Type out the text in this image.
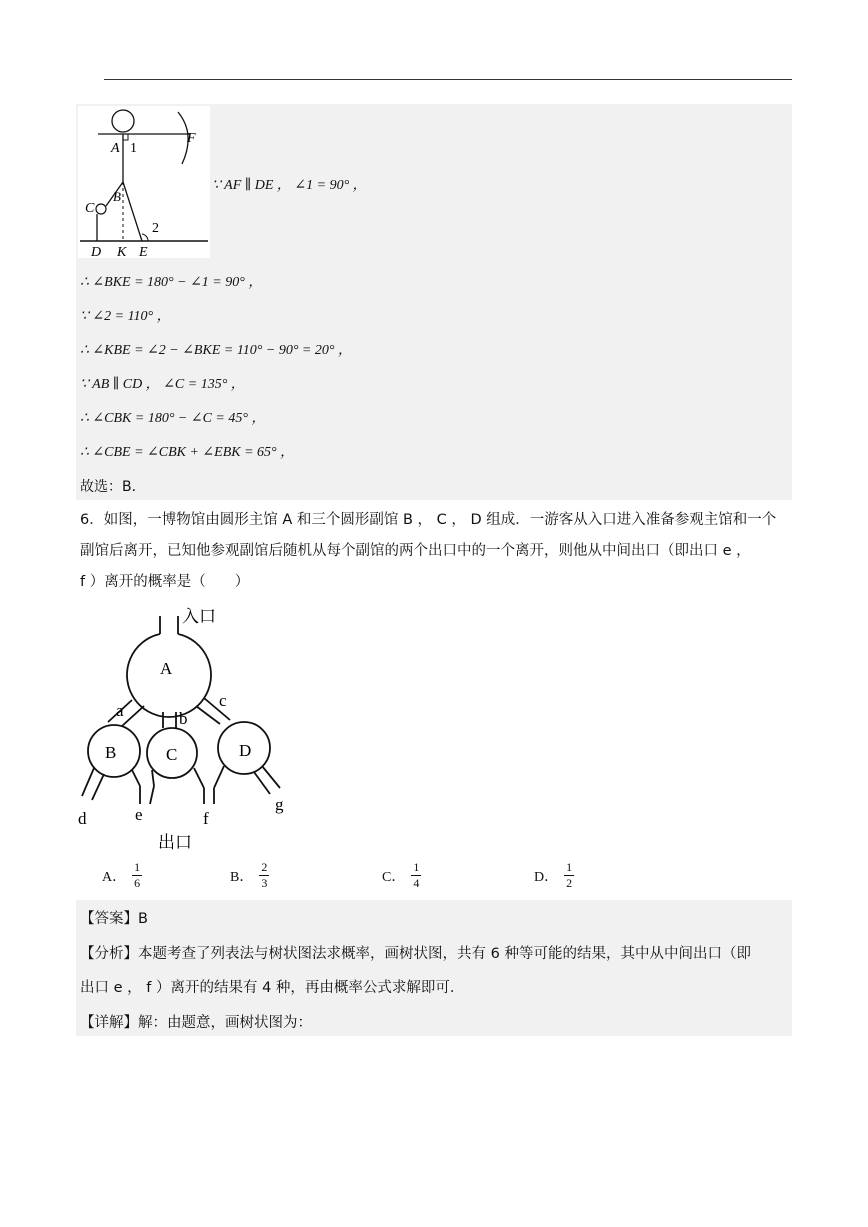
A 1
F
B
C
2
D K E
∵ AF ∥ DE ， ∠1 = 90° ，
∴ ∠BKE = 180° − ∠1 = 90° ，
∵ ∠2 = 110° ，
∴ ∠KBE = ∠2 − ∠BKE = 110° − 90° = 20° ，
∵ AB ∥ CD ， ∠C = 135° ，
∴ ∠CBK = 180° − ∠C = 45° ，
∴ ∠CBE = ∠CBK + ∠EBK = 65° ，
故选：B．
6．如图，一博物馆由圆形主馆 A 和三个圆形副馆 B ， C ， D 组成．一游客从入口进入准备参观主馆和一个
副馆后离开，已知他参观副馆后随机从每个副馆的两个出口中的一个离开，则他从中间出口（即出口 e ，
f ）离开的概率是（　　）
入口
A
B	C	D
a	b
c
d	e	f
g
出口
A． $\frac{1}{6}$	B． $\frac{2}{3}$	C． $\frac{1}{4}$	D． $\frac{1}{2}$
【答案】B
【分析】本题考查了列表法与树状图法求概率，画树状图，共有 6 种等可能的结果，其中从中间出口（即
出口 e ， f ）离开的结果有 4 种，再由概率公式求解即可．
【详解】解：由题意，画树状图为：
